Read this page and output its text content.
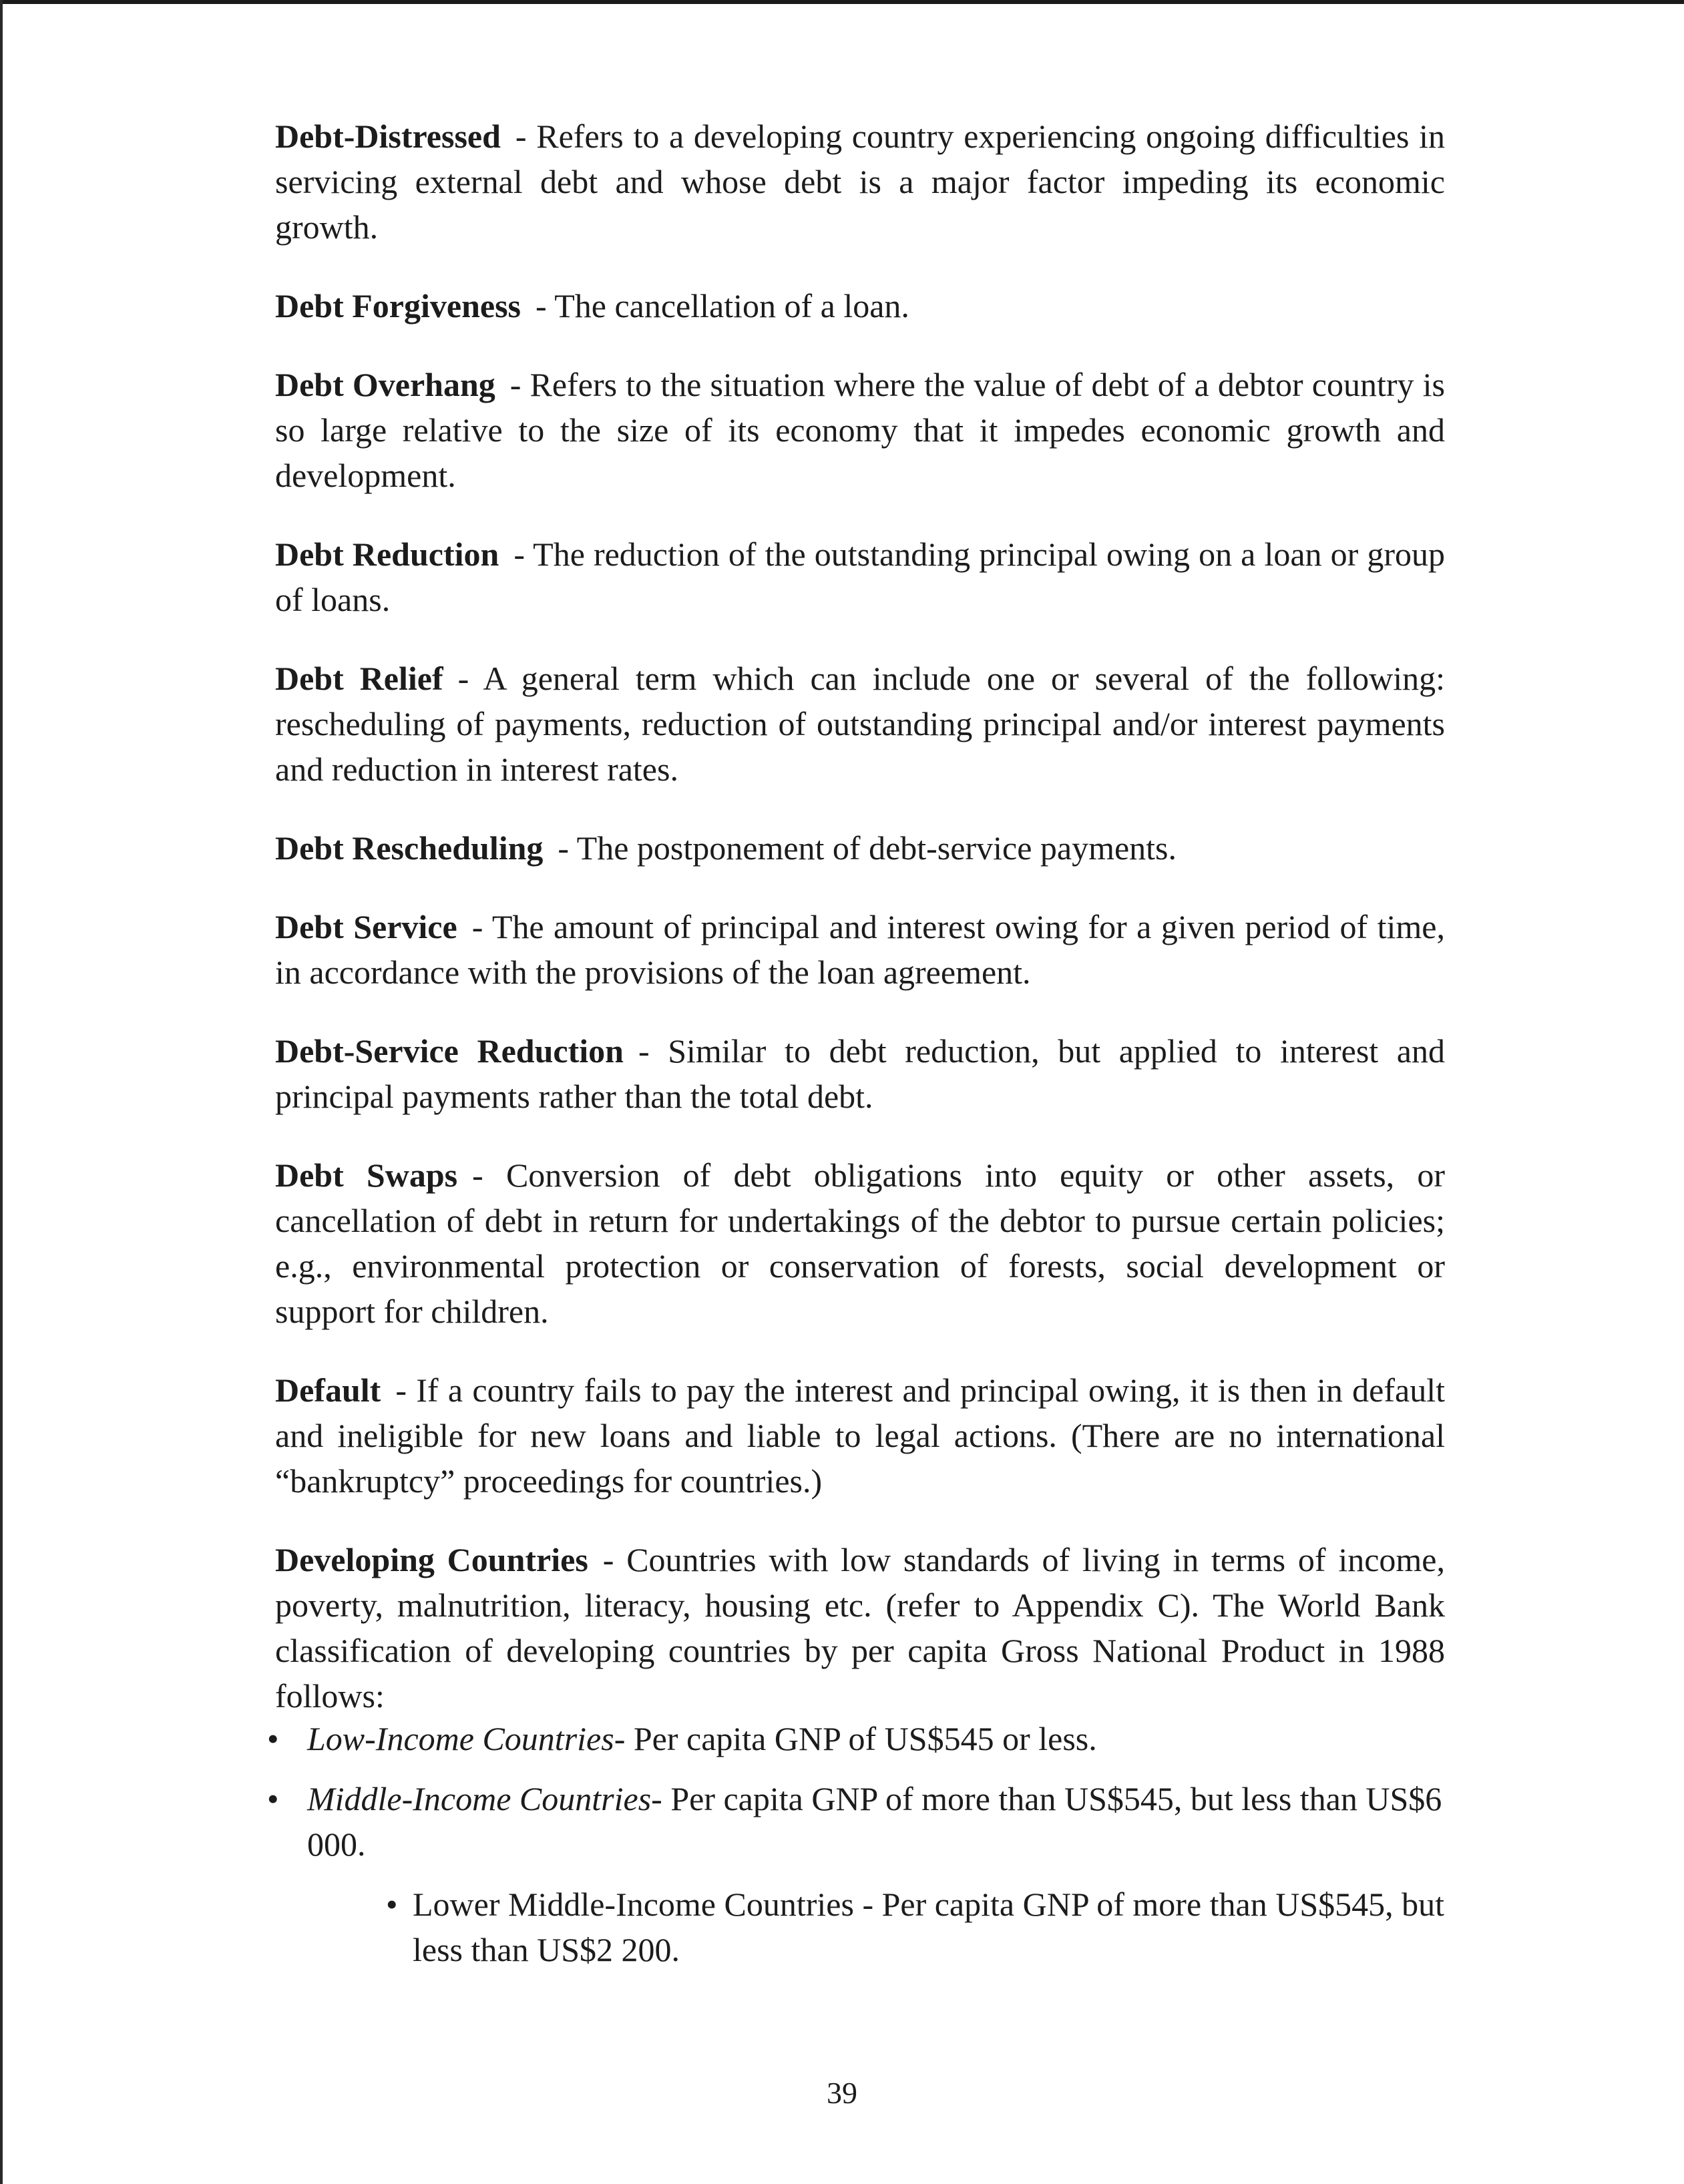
Debt-Distressed - Refers to a developing country experiencing ongoing difficulties in servicing external debt and whose debt is a major factor impeding its economic growth.

Debt Forgiveness - The cancellation of a loan.

Debt Overhang - Refers to the situation where the value of debt of a debtor country is so large relative to the size of its economy that it impedes economic growth and development.

Debt Reduction - The reduction of the outstanding principal owing on a loan or group of loans.

Debt Relief - A general term which can include one or several of the following: rescheduling of payments, reduction of outstanding principal and/or interest payments and reduction in interest rates.

Debt Rescheduling - The postponement of debt-service payments.

Debt Service - The amount of principal and interest owing for a given period of time, in accordance with the provisions of the loan agreement.

Debt-Service Reduction - Similar to debt reduction, but applied to interest and principal payments rather than the total debt.

Debt Swaps - Conversion of debt obligations into equity or other assets, or cancellation of debt in return for undertakings of the debtor to pursue certain policies; e.g., environmental protection or conservation of forests, social development or support for children.

Default - If a country fails to pay the interest and principal owing, it is then in default and ineligible for new loans and liable to legal actions. (There are no international “bankruptcy” proceedings for countries.)

Developing Countries - Countries with low standards of living in terms of income, poverty, malnutrition, literacy, housing etc. (refer to Appendix C). The World Bank classification of developing countries by per capita Gross National Product in 1988 follows:

• Low-Income Countries- Per capita GNP of US$545 or less.
• Middle-Income Countries- Per capita GNP of more than US$545, but less than US$6 000.
• Lower Middle-Income Countries - Per capita GNP of more than US$545, but less than US$2 200.
39
